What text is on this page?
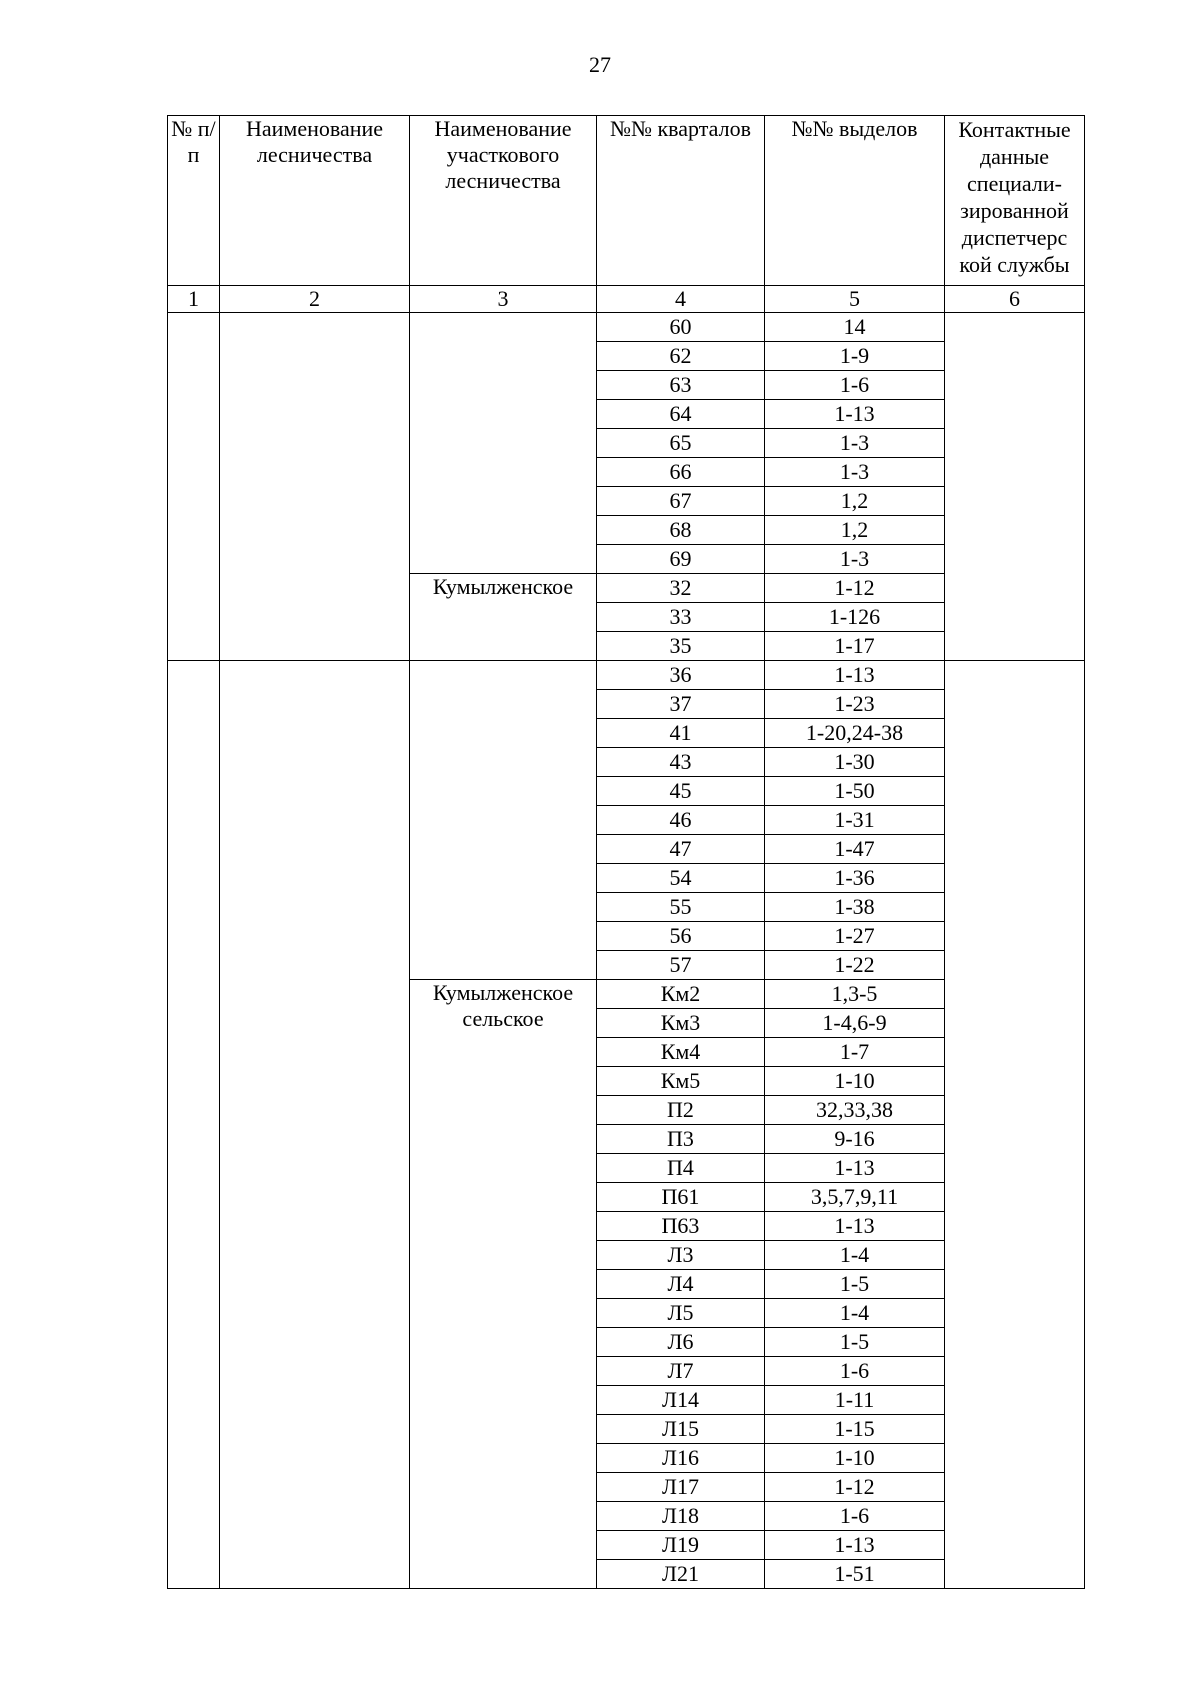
27
№ п/п	Наименование лесничества	Наименование участкового лесничества	№№ кварталов	№№ выделов	Контактные данные специали-зированной диспетчерс кой службы
1	2	3	4	5	6
			60	14	
			62	1-9	
			63	1-6	
			64	1-13	
			65	1-3	
			66	1-3	
			67	1,2	
			68	1,2	
			69	1-3	
		Кумылженское	32	1-12	
			33	1-126	
			35	1-17	
			36	1-13	
			37	1-23	
			41	1-20,24-38	
			43	1-30	
			45	1-50	
			46	1-31	
			47	1-47	
			54	1-36	
			55	1-38	
			56	1-27	
			57	1-22	
		Кумылженское сельское	Км2	1,3-5	
			Км3	1-4,6-9	
			Км4	1-7	
			Км5	1-10	
			П2	32,33,38	
			П3	9-16	
			П4	1-13	
			П61	3,5,7,9,11	
			П63	1-13	
			Л3	1-4	
			Л4	1-5	
			Л5	1-4	
			Л6	1-5	
			Л7	1-6	
			Л14	1-11	
			Л15	1-15	
			Л16	1-10	
			Л17	1-12	
			Л18	1-6	
			Л19	1-13	
			Л21	1-51	
